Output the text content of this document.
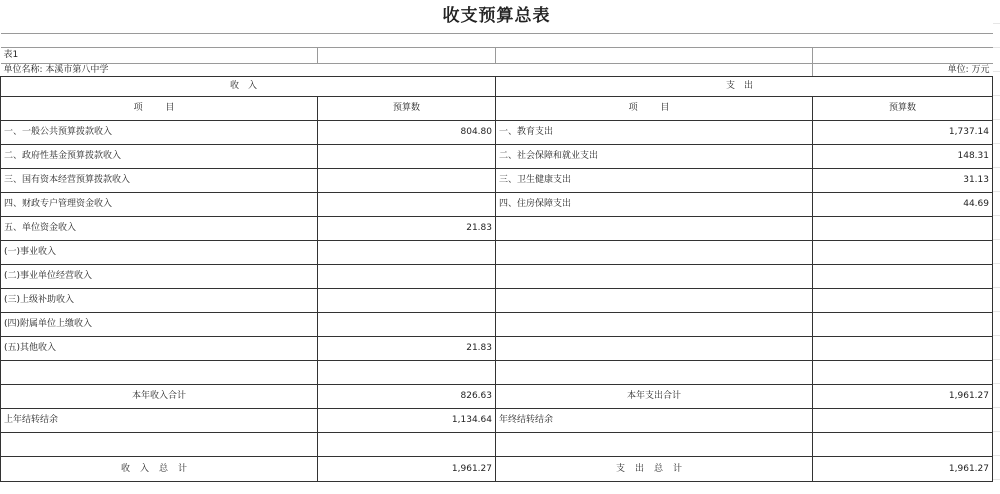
收支预算总表			

表1			
单位名称: 本溪市第八中学			单位: 万元
收入		支出	
项 目	预算数	项 目	预算数
一、一般公共预算拨款收入	804.80	一、教育支出	1,737.14
二、政府性基金预算拨款收入		二、社会保障和就业支出	148.31
三、国有资本经营预算拨款收入		三、卫生健康支出	31.13
四、财政专户管理资金收入		四、住房保障支出	44.69
五、单位资金收入	21.83		
(一)事业收入			
(二)事业单位经营收入			
(三)上级补助收入			
(四)附属单位上缴收入			
(五)其他收入	21.83		

本年收入合计	826.63	本年支出合计	1,961.27
上年结转结余	1,134.64	年终结转结余	

收入总计	1,961.27	支出总计	1,961.27
